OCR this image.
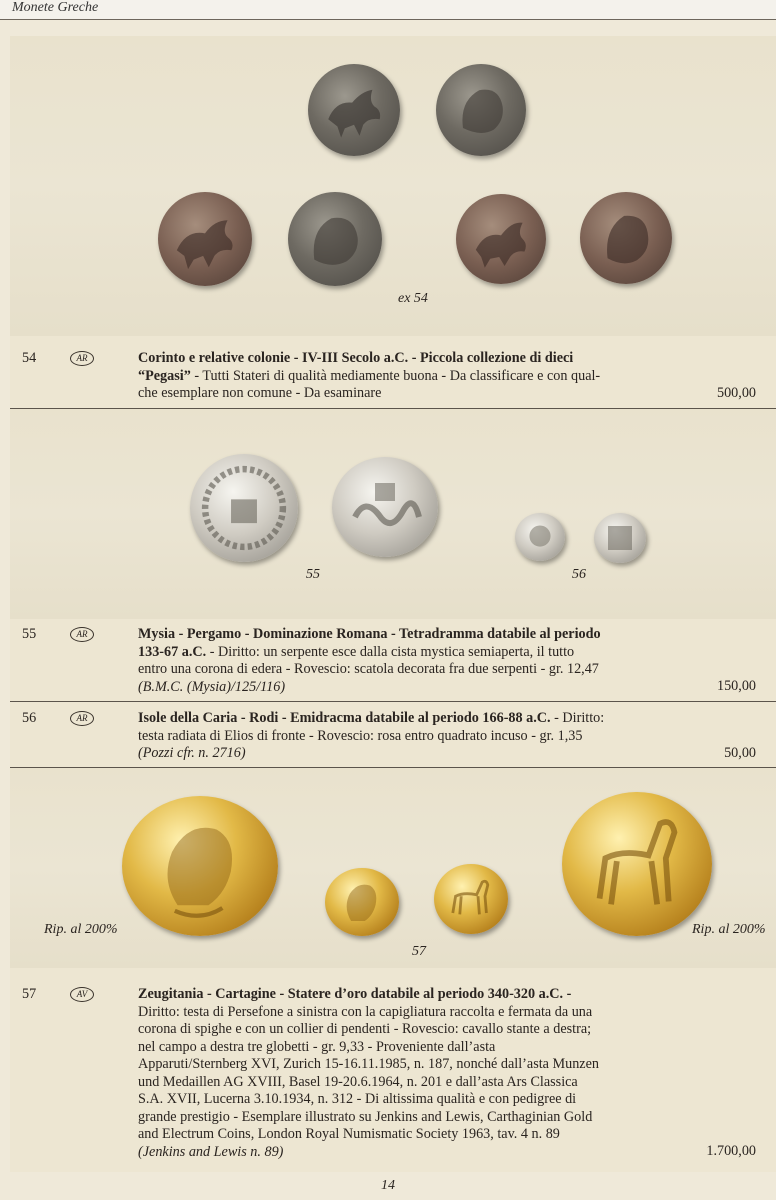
Monete Greche
ex 54
54	AR	Corinto e relative colonie - IV-III Secolo a.C. - Piccola collezione di dieci
“Pegasi” - Tutti Stateri di qualità mediamente buona - Da classificare e con qual-
che esemplare non comune - Da esaminare	500,00
55	56
55	AR	Mysia - Pergamo - Dominazione Romana - Tetradramma databile al periodo
133-67 a.C. - Diritto: un serpente esce dalla cista mystica semiaperta, il tutto
entro una corona di edera - Rovescio: scatola decorata fra due serpenti - gr. 12,47
(B.M.C. (Mysia)/125/116)	150,00
56	AR	Isole della Caria - Rodi - Emidracma databile al periodo 166-88 a.C. - Diritto:
testa radiata di Elios di fronte - Rovescio: rosa entro quadrato incuso - gr. 1,35
(Pozzi cfr. n. 2716)	50,00
Rip. al 200%	Rip. al 200%
57
57	AV	Zeugitania - Cartagine - Statere d’oro databile al periodo 340-320 a.C. -
Diritto: testa di Persefone a sinistra con la capigliatura raccolta e fermata da una
corona di spighe e con un collier di pendenti - Rovescio: cavallo stante a destra;
nel campo a destra tre globetti - gr. 9,33 - Proveniente dall’asta
Apparuti/Sternberg XVI, Zurich 15-16.11.1985, n. 187, nonché dall’asta Munzen
und Medaillen AG XVIII, Basel 19-20.6.1964, n. 201 e dall’asta Ars Classica
S.A. XVII, Lucerna 3.10.1934, n. 312 - Di altissima qualità e con pedigree di
grande prestigio - Esemplare illustrato su Jenkins and Lewis, Carthaginian Gold
and Electrum Coins, London Royal Numismatic Society 1963, tav. 4 n. 89
(Jenkins and Lewis n. 89)	1.700,00
14
